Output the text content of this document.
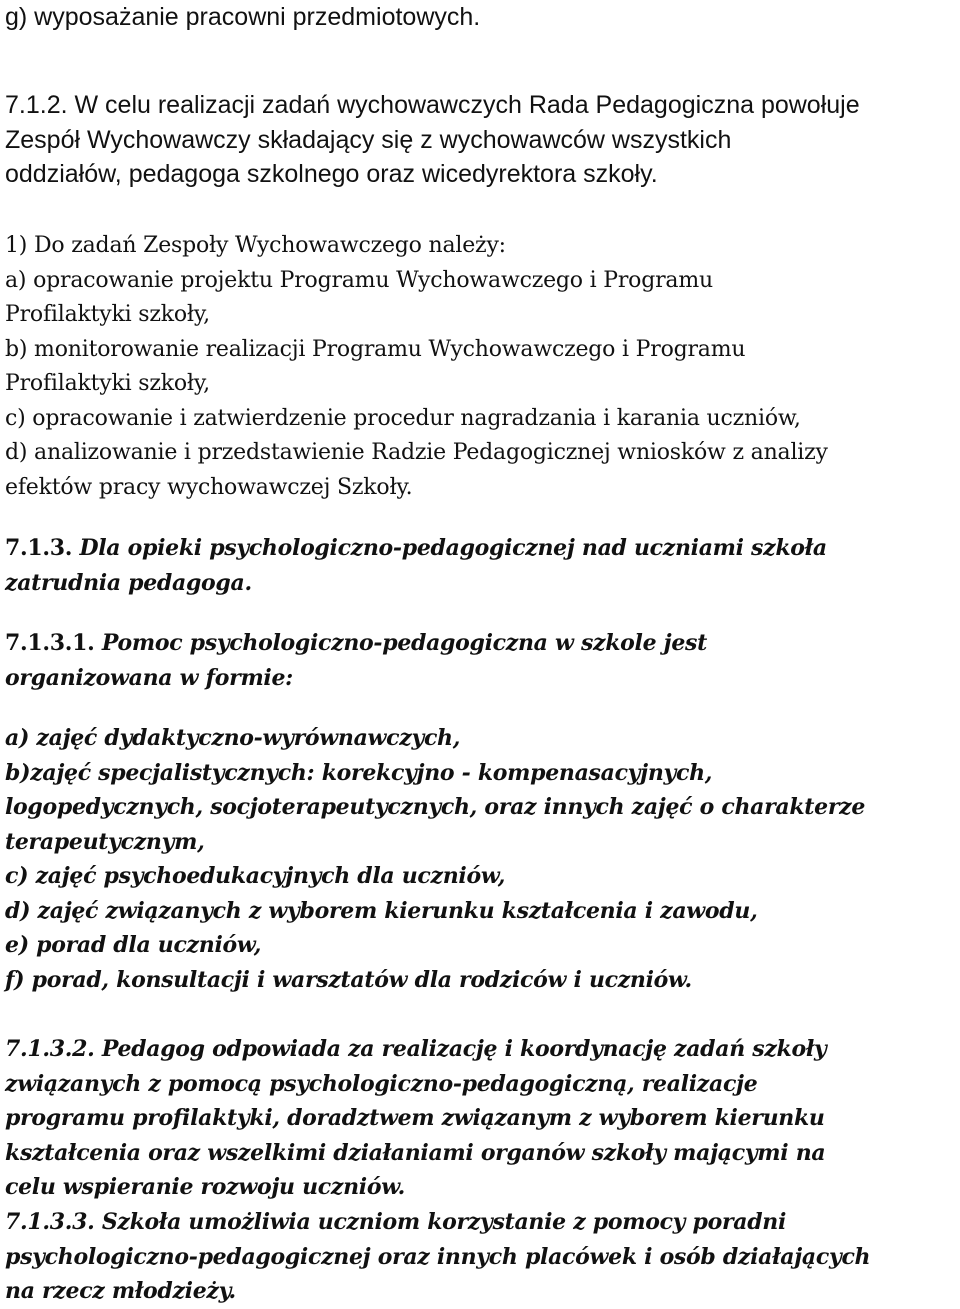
g) wyposażanie pracowni przedmiotowych.
7.1.2. W celu realizacji zadań wychowawczych Rada Pedagogiczna powołuje
Zespół Wychowawczy składający się z wychowawców wszystkich
oddziałów, pedagoga szkolnego oraz wicedyrektora szkoły.
1) Do zadań Zespoły Wychowawczego należy:
a) opracowanie projektu Programu Wychowawczego i Programu
Profilaktyki szkoły,
b) monitorowanie realizacji Programu Wychowawczego i Programu
Profilaktyki szkoły,
c) opracowanie i zatwierdzenie procedur nagradzania i karania uczniów,
d) analizowanie i przedstawienie Radzie Pedagogicznej wniosków z analizy
efektów pracy wychowawczej Szkoły.
7.1.3. Dla opieki psychologiczno-pedagogicznej nad uczniami szkoła
zatrudnia pedagoga.
7.1.3.1. Pomoc psychologiczno-pedagogiczna w szkole jest
organizowana w formie:
a) zajęć dydaktyczno-wyrównawczych,
b)zajęć specjalistycznych: korekcyjno - kompenasacyjnych,
logopedycznych, socjoterapeutycznych, oraz innych zajęć o charakterze
terapeutycznym,
c) zajęć psychoedukacyjnych dla uczniów,
d) zajęć związanych z wyborem kierunku kształcenia i zawodu,
e) porad dla uczniów,
f) porad, konsultacji i warsztatów dla rodziców i uczniów.
7.1.3.2. Pedagog odpowiada za realizację i koordynację zadań szkoły
związanych z pomocą psychologiczno-pedagogiczną, realizacje
programu profilaktyki, doradztwem związanym z wyborem kierunku
kształcenia oraz wszelkimi działaniami organów szkoły mającymi na
celu wspieranie rozwoju uczniów.
7.1.3.3. Szkoła umożliwia uczniom korzystanie z pomocy poradni
psychologiczno-pedagogicznej oraz innych placówek i osób działających
na rzecz młodzieży.
